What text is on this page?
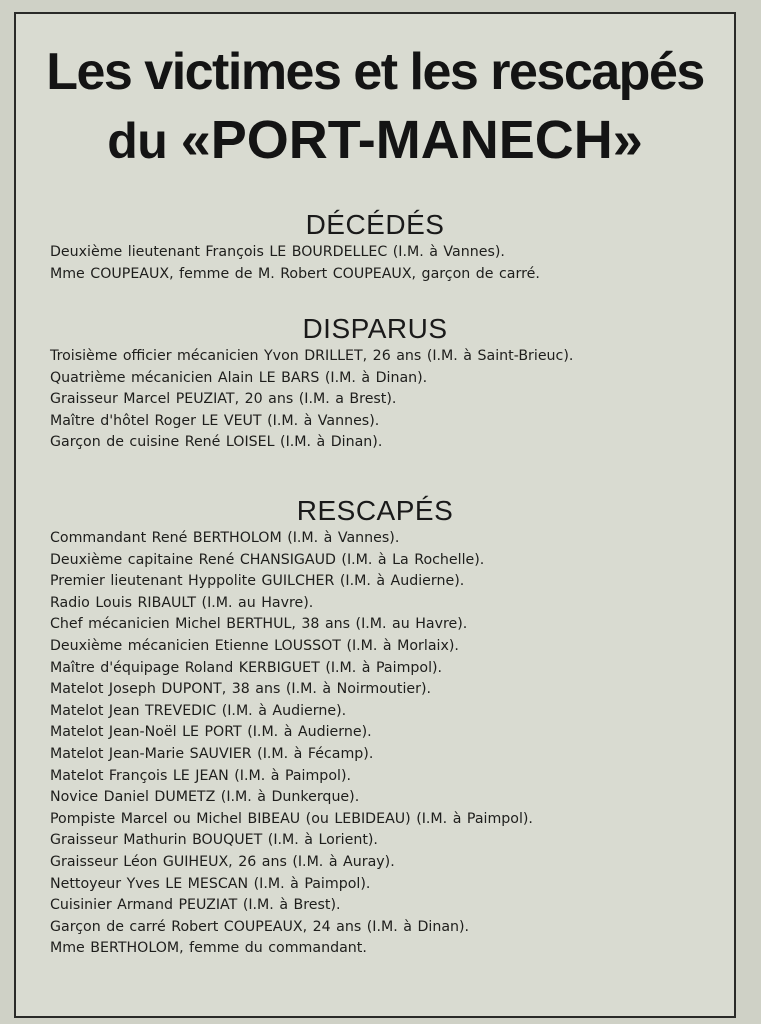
Les victimes et les rescapés
du «PORT-MANECH»
DÉCÉDÉS
Deuxième lieutenant François LE BOURDELLEC (I.M. à Vannes).
Mme COUPEAUX, femme de M. Robert COUPEAUX, garçon de carré.
DISPARUS
Troisième officier mécanicien Yvon DRILLET, 26 ans (I.M. à Saint-Brieuc).
Quatrième mécanicien Alain LE BARS (I.M. à Dinan).
Graisseur Marcel PEUZIAT, 20 ans (I.M. a Brest).
Maître d'hôtel Roger LE VEUT (I.M. à Vannes).
Garçon de cuisine René LOISEL (I.M. à Dinan).
RESCAPÉS
Commandant René BERTHOLOM (I.M. à Vannes).
Deuxième capitaine René CHANSIGAUD (I.M. à La Rochelle).
Premier lieutenant Hyppolite GUILCHER (I.M. à Audierne).
Radio Louis RIBAULT (I.M. au Havre).
Chef mécanicien Michel BERTHUL, 38 ans (I.M. au Havre).
Deuxième mécanicien Etienne LOUSSOT (I.M. à Morlaix).
Maître d'équipage Roland KERBIGUET (I.M. à Paimpol).
Matelot Joseph DUPONT, 38 ans (I.M. à Noirmoutier).
Matelot Jean TREVEDIC (I.M. à Audierne).
Matelot Jean-Noël LE PORT (I.M. à Audierne).
Matelot Jean-Marie SAUVIER (I.M. à Fécamp).
Matelot François LE JEAN (I.M. à Paimpol).
Novice Daniel DUMETZ (I.M. à Dunkerque).
Pompiste Marcel ou Michel BIBEAU (ou LEBIDEAU) (I.M. à Paimpol).
Graisseur Mathurin BOUQUET (I.M. à Lorient).
Graisseur Léon GUIHEUX, 26 ans (I.M. à Auray).
Nettoyeur Yves LE MESCAN (I.M. à Paimpol).
Cuisinier Armand PEUZIAT (I.M. à Brest).
Garçon de carré Robert COUPEAUX, 24 ans (I.M. à Dinan).
Mme BERTHOLOM, femme du commandant.
